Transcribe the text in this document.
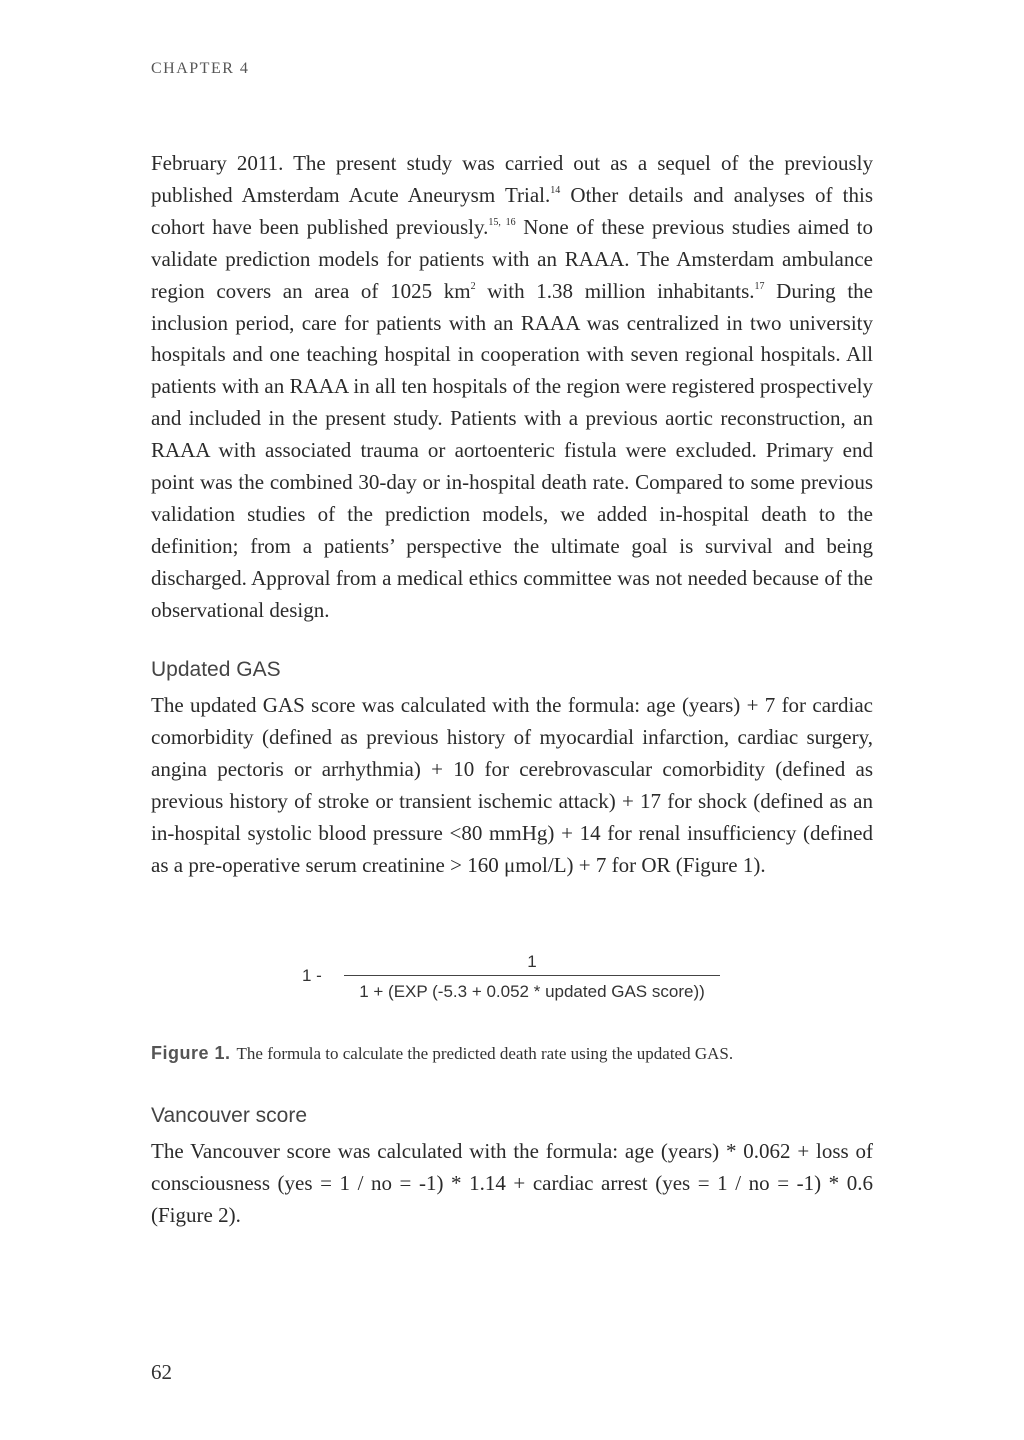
CHAPTER 4
February 2011. The present study was carried out as a sequel of the previously published Amsterdam Acute Aneurysm Trial.$^{14}$ Other details and analyses of this cohort have been published previously.$^{15, 16}$ None of these previous studies aimed to validate prediction models for patients with an RAAA. The Amsterdam ambulance region covers an area of 1025 $km^2$ with 1.38 million inhabitants.$^{17}$ During the inclusion period, care for patients with an RAAA was centralized in two university hospitals and one teaching hospital in cooperation with seven regional hospitals. All patients with an RAAA in all ten hospitals of the region were registered prospectively and included in the present study. Patients with a previous aortic reconstruction, an RAAA with associated trauma or aortoenteric fistula were excluded. Primary end point was the combined 30-day or in-hospital death rate. Compared to some previous validation studies of the prediction models, we added in-hospital death to the definition; from a patients’ perspective the ultimate goal is survival and being discharged. Approval from a medical ethics committee was not needed because of the observational design.
Updated GAS
The updated GAS score was calculated with the formula: age (years) + 7 for cardiac comorbidity (defined as previous history of myocardial infarction, cardiac surgery, angina pectoris or arrhythmia) + 10 for cerebrovascular comorbidity (defined as previous history of stroke or transient ischemic attack) + 17 for shock (defined as an in-hospital systolic blood pressure <80 mmHg) + 14 for renal insufficiency (defined as a pre-operative serum creatinine > 160 μmol/L) + 7 for OR (Figure 1).
1 -
1
1 + (EXP (-5.3 + 0.052 * updated GAS score))
Figure 1. The formula to calculate the predicted death rate using the updated GAS.
Vancouver score
The Vancouver score was calculated with the formula: age (years) * 0.062 + loss of consciousness (yes = 1 / no = -1) * 1.14 + cardiac arrest (yes = 1 / no = -1) * 0.6 (Figure 2).
62
